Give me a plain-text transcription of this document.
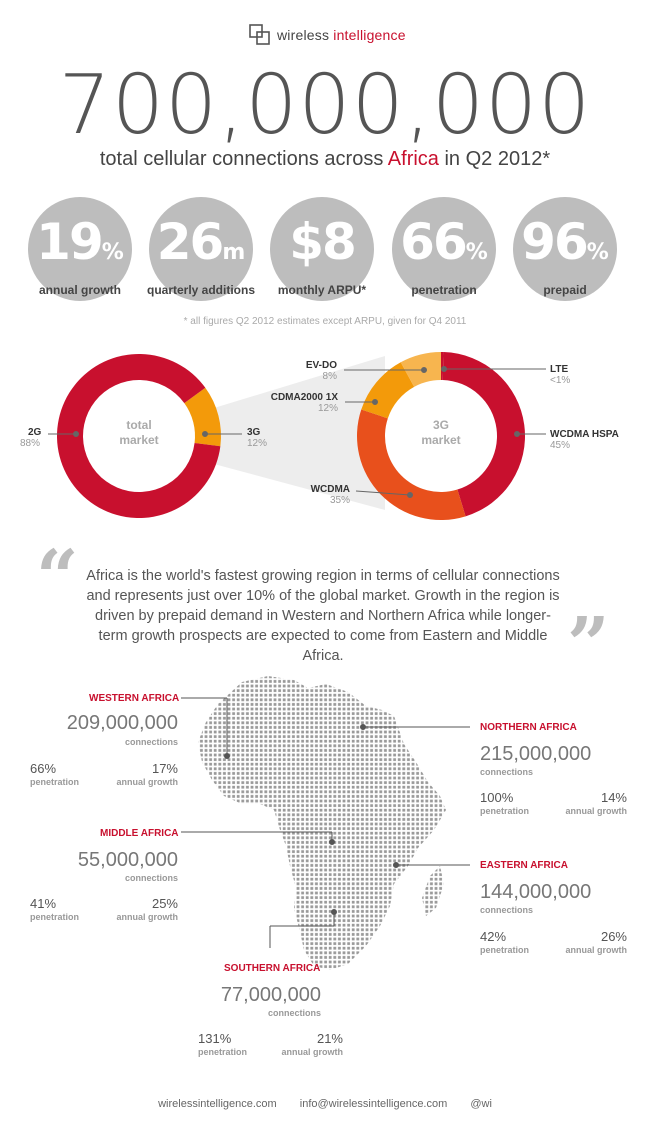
wireless intelligence
700,000,000
total cellular connections across Africa in Q2 2012*
19%
annual growth
26m
quarterly additions
$8
monthly ARPU*
66%
penetration
96%
prepaid
* all figures Q2 2012 estimates except ARPU, given for Q4 2011
total
market
3G
market
2G
88%
3G
12%
EV-DO
8%
CDMA2000 1X
12%
WCDMA
35%
LTE
<1%
WCDMA HSPA
45%
“ Africa is the world's fastest growing region in terms of cellular connections and represents just over 10% of the global market. Growth in the region is driven by prepaid demand in Western and Northern Africa while longer-term growth prospects are expected to come from Eastern and Middle Africa.	”
WESTERN AFRICA
209,000,000
connections
66%
penetration
17%
annual growth
NORTHERN AFRICA
215,000,000
connections
100%
penetration
14%
annual growth
MIDDLE AFRICA
55,000,000
connections
41%
penetration
25%
annual growth
EASTERN AFRICA
144,000,000
connections
42%
penetration
26%
annual growth
SOUTHERN AFRICA
77,000,000
connections
131%
penetration
21%
annual growth
wirelessintelligence.com info@wirelessintelligence.com @wi
